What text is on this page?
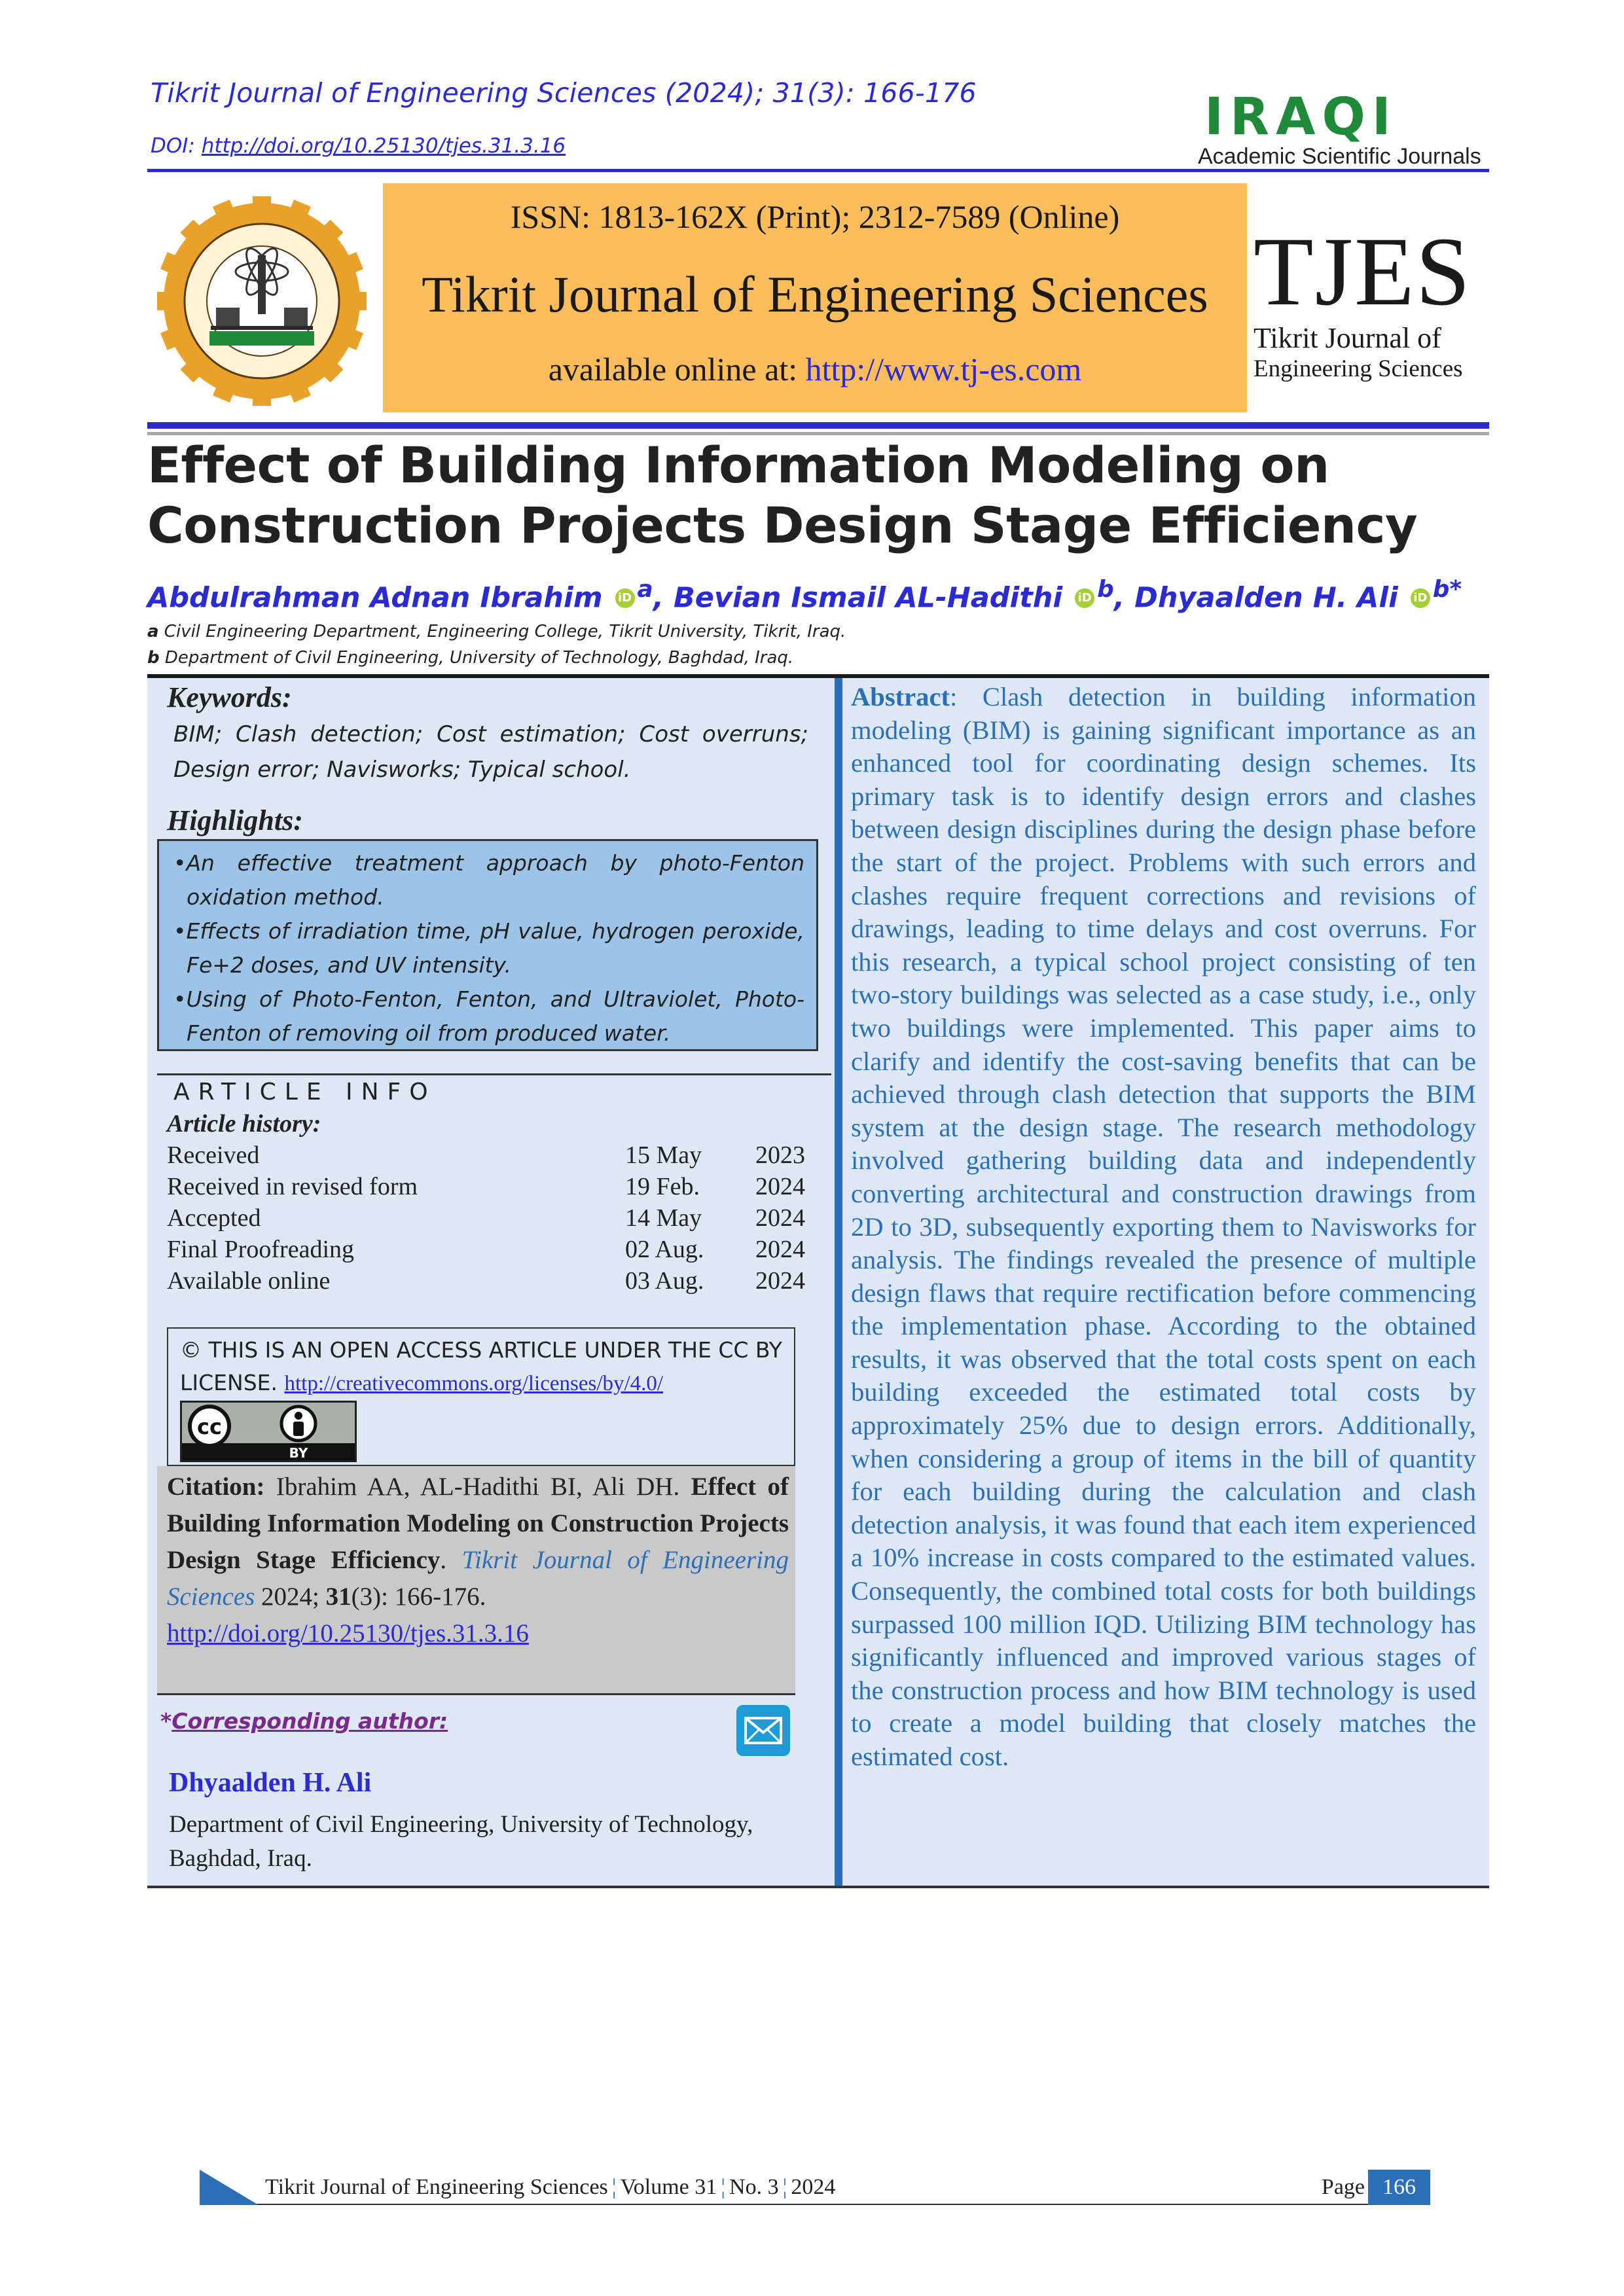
Tikrit Journal of Engineering Sciences (2024); 31(3): 166-176
DOI: http://doi.org/10.25130/tjes.31.3.16	IRAQI
Academic Scientific Journals
ISSN: 1813-162X (Print); 2312-7589 (Online)
Tikrit Journal of Engineering Sciences
available online at: http://www.tj-es.com
TJES
Tikrit Journal of
Engineering Sciences
Effect of Building Information Modeling on Construction Projects Design Stage Efficiency
Abdulrahman Adnan Ibrahim iD $^a$, Bevian Ismail AL-Hadithi iD $^b$, Dhyaalden H. Ali iD $^{b*}$
a Civil Engineering Department, Engineering College, Tikrit University, Tikrit, Iraq.
b Department of Civil Engineering, University of Technology, Baghdad, Iraq.
Keywords:
BIM; Clash detection; Cost estimation; Cost overruns; Design error; Navisworks; Typical school.
Highlights:
•An effective treatment approach by photo-Fenton oxidation method.
•Effects of irradiation time, pH value, hydrogen peroxide, Fe+2 doses, and UV intensity.
•Using of Photo-Fenton, Fenton, and Ultraviolet, Photo-Fenton of removing oil from produced water.
ARTICLE INFO
Article history:
Received	15 May	2023
Received in revised form	19 Feb.	2024
Accepted	14 May	2024
Final Proofreading	02 Aug.	2024
Available online	03 Aug.	2024
© THIS IS AN OPEN ACCESS ARTICLE UNDER THE CC BY LICENSE. http://creativecommons.org/licenses/by/4.0/
cc
BY
Citation: Ibrahim AA, AL-Hadithi BI, Ali DH. Effect of Building Information Modeling on Construction Projects Design Stage Efficiency. Tikrit Journal of Engineering Sciences 2024; 31(3): 166-176.
http://doi.org/10.25130/tjes.31.3.16
*Corresponding author:
Dhyaalden H. Ali
Department of Civil Engineering, University of Technology, Baghdad, Iraq.
Abstract: Clash detection in building information modeling (BIM) is gaining significant importance as an enhanced tool for coordinating design schemes. Its primary task is to identify design errors and clashes between design disciplines during the design phase before the start of the project. Problems with such errors and clashes require frequent corrections and revisions of drawings, leading to time delays and cost overruns. For this research, a typical school project consisting of ten two-story buildings was selected as a case study, i.e., only two buildings were implemented. This paper aims to clarify and identify the cost-saving benefits that can be achieved through clash detection that supports the BIM system at the design stage. The research methodology involved gathering building data and independently converting architectural and construction drawings from 2D to 3D, subsequently exporting them to Navisworks for analysis. The findings revealed the presence of multiple design flaws that require rectification before commencing the implementation phase. According to the obtained results, it was observed that the total costs spent on each building exceeded the estimated total costs by approximately 25% due to design errors. Additionally, when considering a group of items in the bill of quantity for each building during the calculation and clash detection analysis, it was found that each item experienced a 10% increase in costs compared to the estimated values. Consequently, the combined total costs for both buildings surpassed 100 million IQD. Utilizing BIM technology has significantly influenced and improved various stages of the construction process and how BIM technology is used to create a model building that closely matches the estimated cost.
Tikrit Journal of Engineering Sciences ¦ Volume 31 ¦ No. 3 ¦ 2024	Page 166
